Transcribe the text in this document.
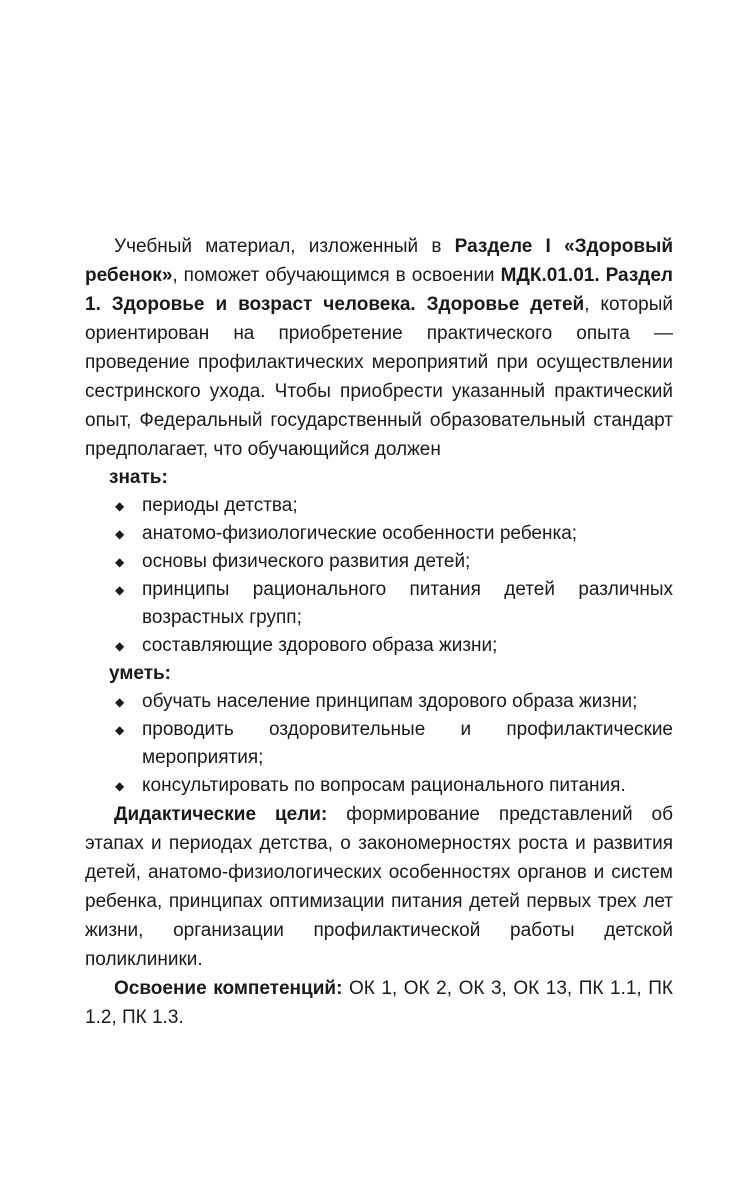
Учебный материал, изложенный в Разделе I «Здоровый ребенок», поможет обучающимся в освоении МДК.01.01. Раздел 1. Здоровье и возраст человека. Здоровье детей, который ориентирован на приобретение практического опыта — проведение профилактических мероприятий при осуществлении сестринского ухода. Чтобы приобрести указанный практический опыт, Федеральный государственный образовательный стандарт предполагает, что обучающийся должен

знать:

◆ периоды детства;
◆ анатомо-физиологические особенности ребенка;
◆ основы физического развития детей;
◆ принципы рационального питания детей различных возрастных групп;
◆ составляющие здорового образа жизни;

уметь:

◆ обучать население принципам здорового образа жизни;
◆ проводить оздоровительные и профилактические мероприятия;
◆ консультировать по вопросам рационального питания.

Дидактические цели: формирование представлений об этапах и периодах детства, о закономерностях роста и развития детей, анатомо-физиологических особенностях органов и систем ребенка, принципах оптимизации питания детей первых трех лет жизни, организации профилактической работы детской поликлиники.

Освоение компетенций: ОК 1, ОК 2, ОК 3, ОК 13, ПК 1.1, ПК 1.2, ПК 1.3.
